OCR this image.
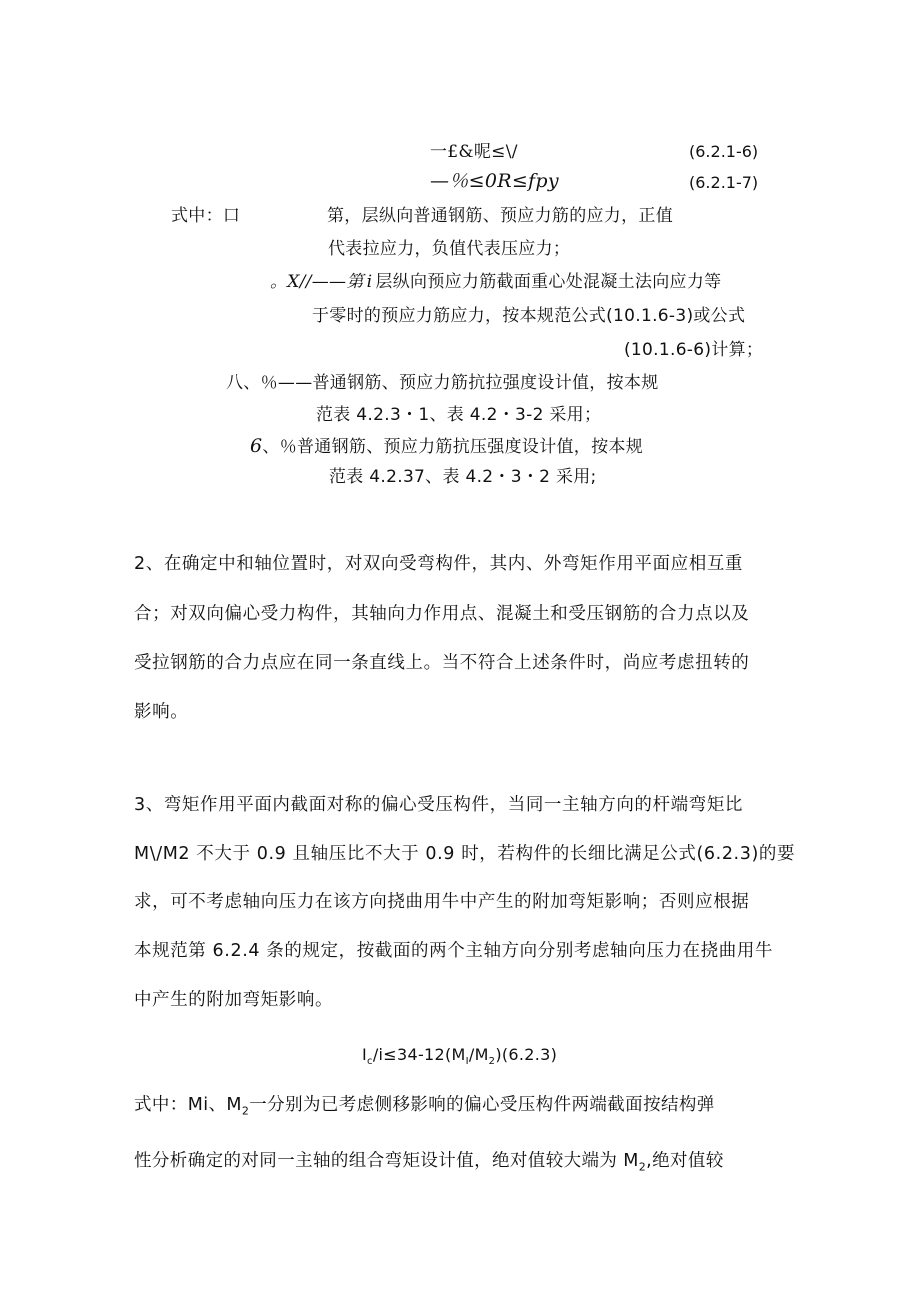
一£&呢≤\/	(6.2.1-6)
—％≤0R≤fpy	(6.2.1-7)
式中：口	第，层纵向普通钢筋、预应力筋的应力，正值
代表拉应力，负值代表压应力；
。X//——第 i 层纵向预应力筋截面重心处混凝土法向应力等
于零时的预应力筋应力，按本规范公式(10.1.6-3)或公式
(10.1.6-6)计算；
八、％——普通钢筋、预应力筋抗拉强度设计值，按本规
范表 4.2.3・1、表 4.2・3-2 采用；
6、％普通钢筋、预应力筋抗压强度设计值，按本规
范表 4.2.37、表 4.2・3・2 采用;
2、在确定中和轴位置时，对双向受弯构件，其内、外弯矩作用平面应相互重
合；对双向偏心受力构件，其轴向力作用点、混凝土和受压钢筋的合力点以及
受拉钢筋的合力点应在同一条直线上。当不符合上述条件时，尚应考虑扭转的
影响。
3、弯矩作用平面内截面对称的偏心受压构件，当同一主轴方向的杆端弯矩比
M\/M2 不大于 0.9 且轴压比不大于 0.9 时，若构件的长细比满足公式(6.2.3)的要
求，可不考虑轴向压力在该方向挠曲用牛中产生的附加弯矩影响；否则应根据
本规范第 6.2.4 条的规定，按截面的两个主轴方向分别考虑轴向压力在挠曲用牛
中产生的附加弯矩影响。
$I_c/i\le 34-12(M_I/M_2)(6.2.3)$
式中：Mi、$M_2$一分别为已考虑侧移影响的偏心受压构件两端截面按结构弹
性分析确定的对同一主轴的组合弯矩设计值，绝对值较大端为 $M_2$,绝对值较
